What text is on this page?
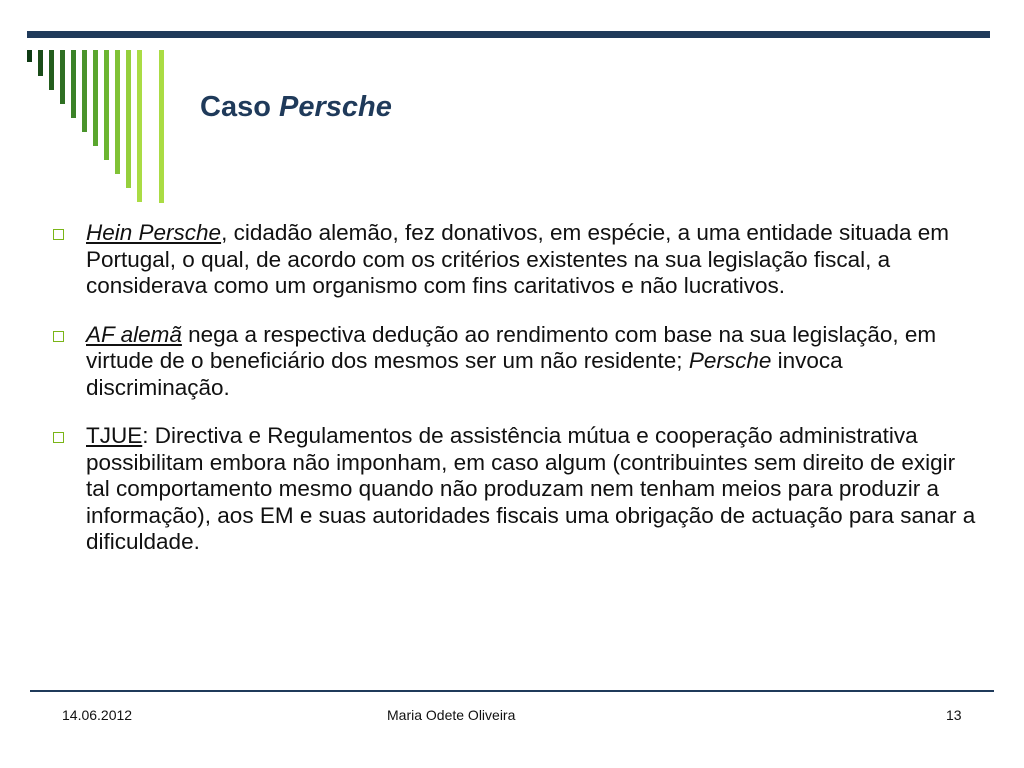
Caso Persche
Hein Persche, cidadão alemão, fez donativos, em espécie, a uma entidade situada em Portugal, o qual, de acordo com os critérios existentes na sua legislação fiscal, a considerava como um organismo com fins caritativos e não lucrativos.
AF alemã nega a respectiva dedução ao rendimento com base na sua legislação, em virtude de o beneficiário dos mesmos ser um não residente; Persche invoca discriminação.
TJUE: Directiva e Regulamentos de assistência mútua e cooperação administrativa possibilitam embora não imponham, em caso algum (contribuintes sem direito de exigir tal comportamento mesmo quando não produzam nem tenham meios para produzir a informação), aos EM e suas autoridades fiscais uma obrigação de actuação para sanar a dificuldade.
14.06.2012	Maria Odete Oliveira	13
